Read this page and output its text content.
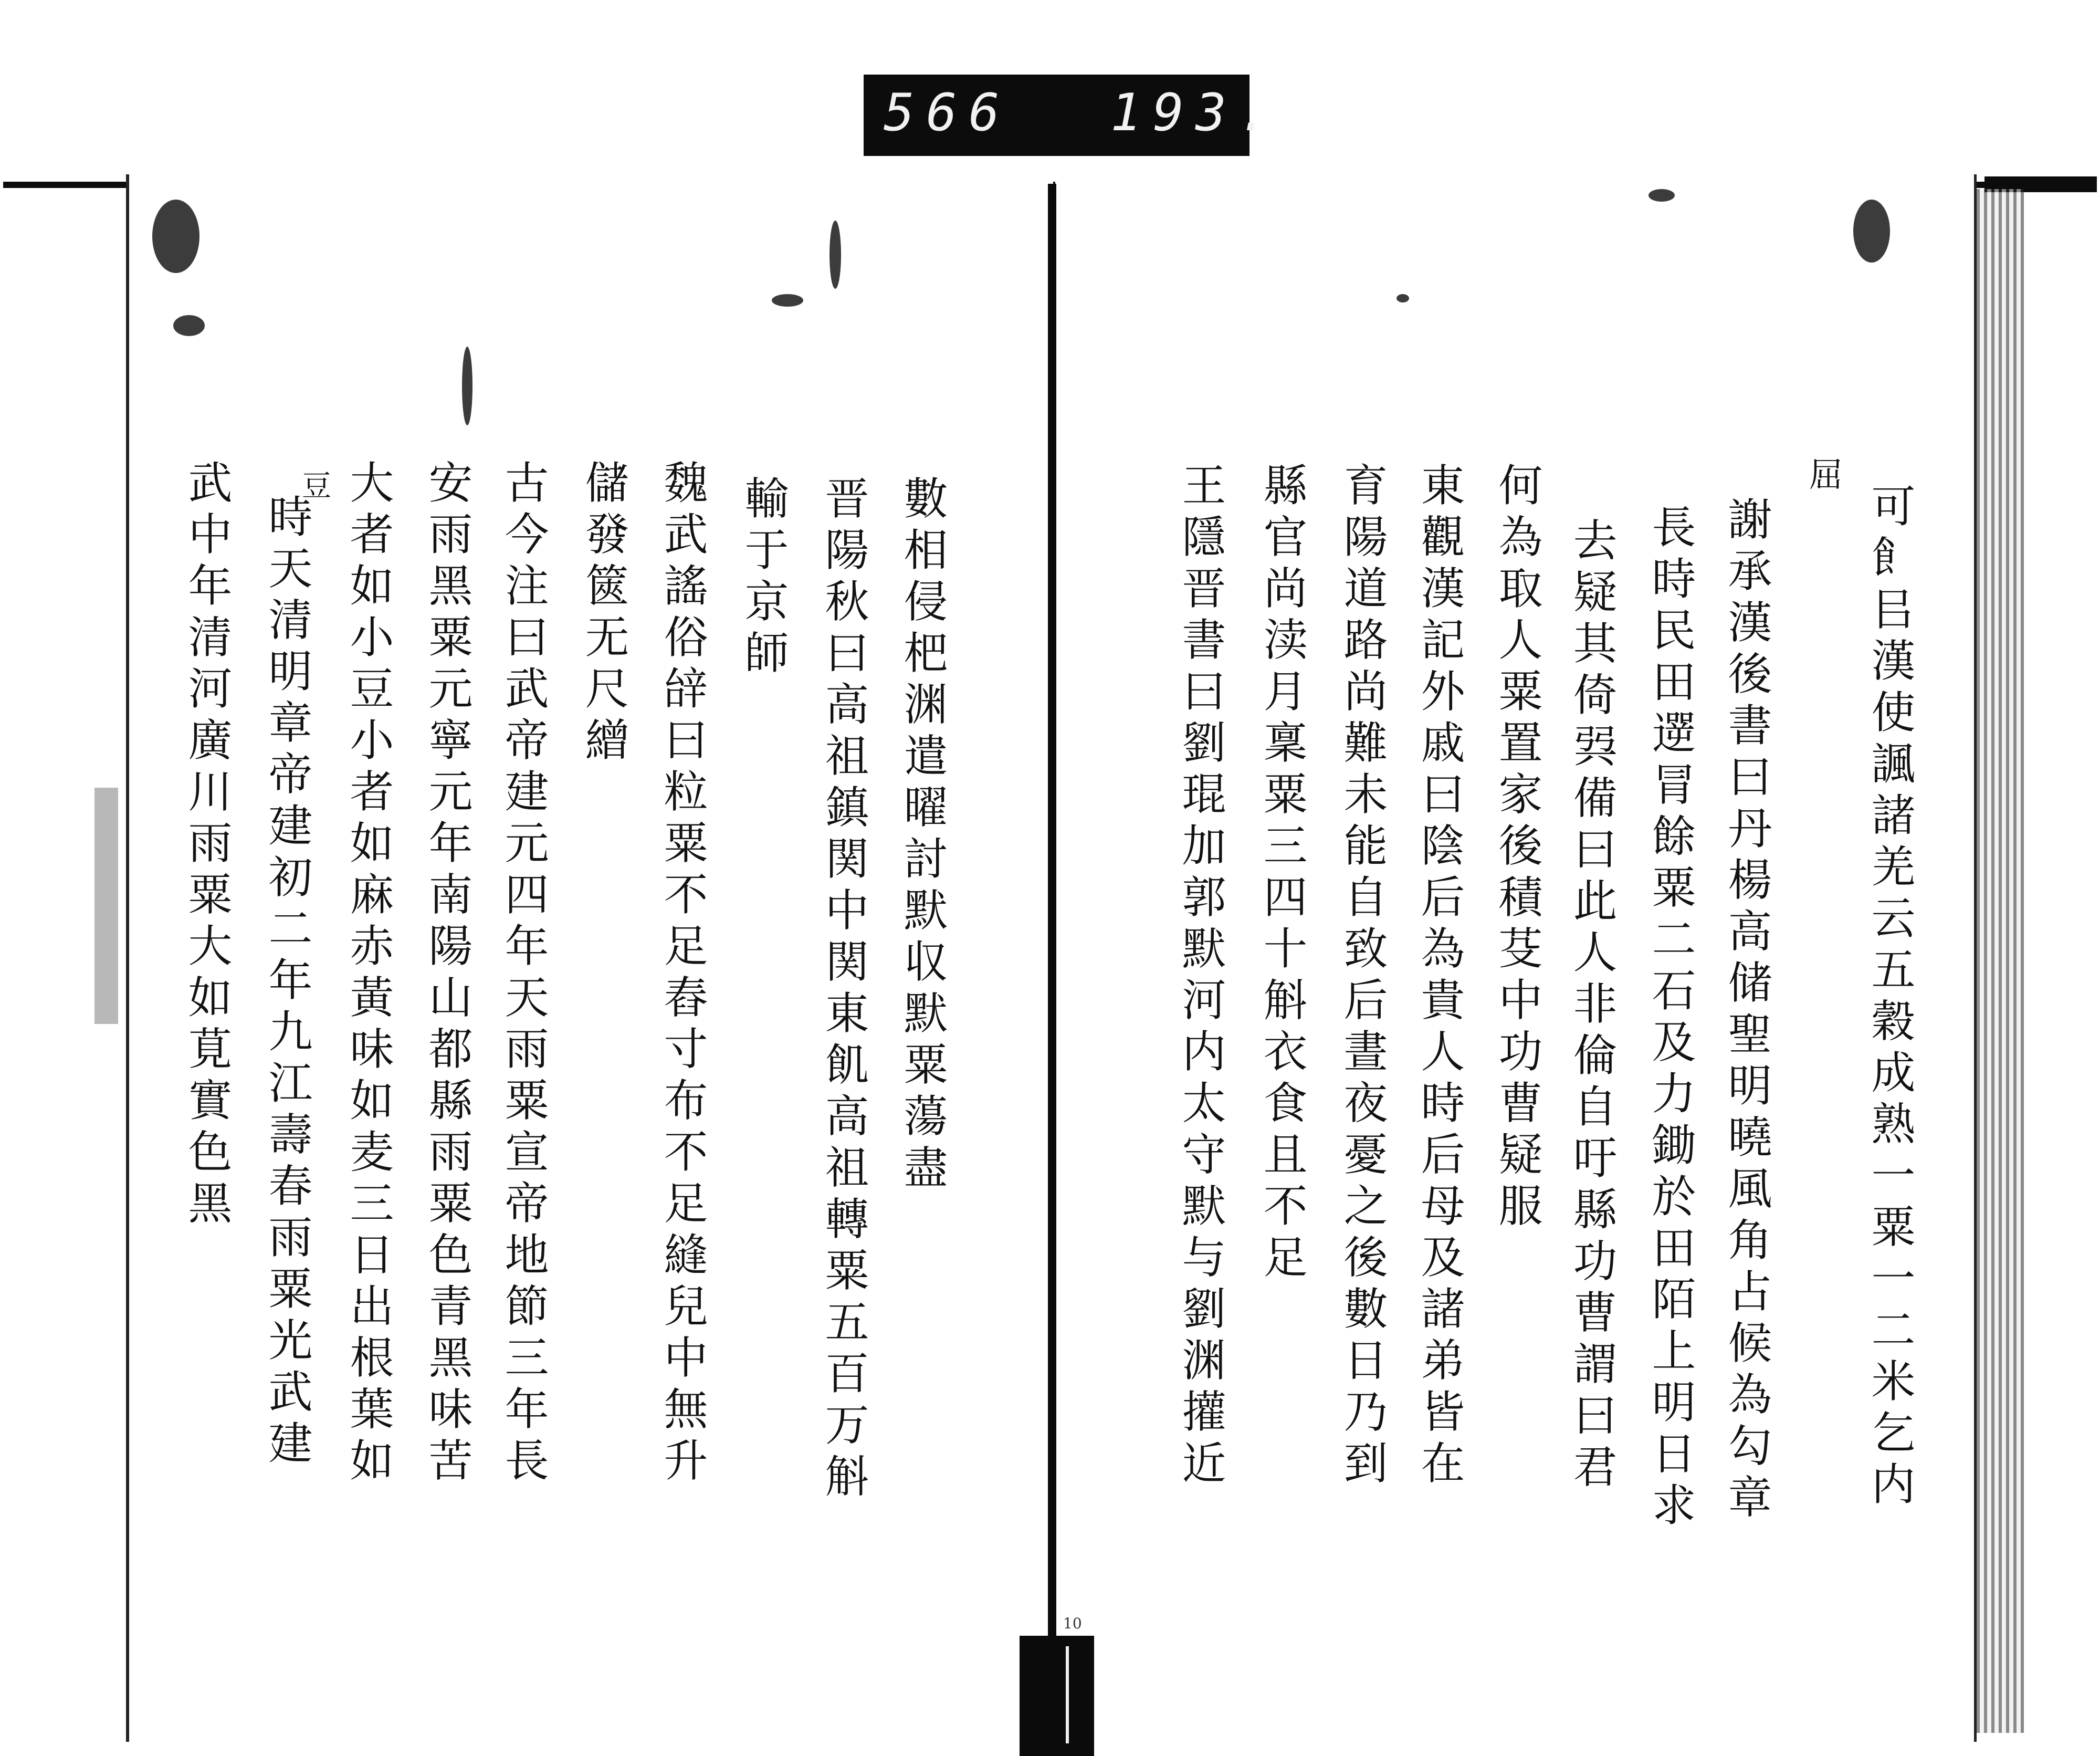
566 193.
可飠㠯漢使諷諸羌云五穀成熟一粟一二米乞内
謝承漢後書曰丹楊高储聖明曉風角占候為勾章
長時民田遻冐餘粟二石及力鋤於田陌上明日求
去疑其倚㢲備曰此人非倫自吁縣功曹謂曰君
何為取人粟置家後積芟中功曹疑服
東觀漢記外戚曰陰后為貴人時后母及諸弟皆在
育陽道路尚難未能自致后晝夜憂之後數日乃到
縣官尚渎月稟粟三四十斛衣食且不足
王隱晋書曰劉琨加郭默河内太守默与劉渊㩲近	屈
數相侵杷渊遣曜討默収默粟蕩盡
晋陽秋曰高祖鎮関中関東飢高祖轉粟五百万斛
輸于京師
魏武謠俗辝曰粒粟不足舂寸布不足縫兒中無升
儲發篋无尺繒
古今注曰武帝建元四年天雨粟宣帝地節三年長
安雨黑粟元寧元年南陽山都縣雨粟色青黑味苦
大者如小豆小者如麻赤黃味如麦三日出根葉如
時天清明章帝建初二年九江壽春雨粟光武建
武中年清河廣川雨粟大如莧實色黑 豆
10
